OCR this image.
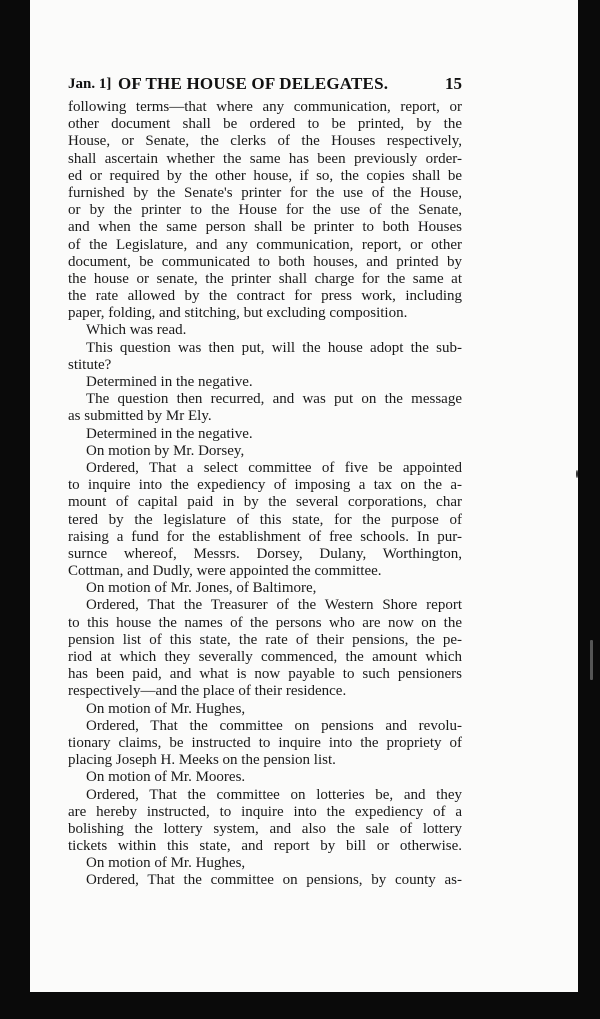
Jan. 1] OF THE HOUSE OF DELEGATES.	15
following terms—that where any communication, report, or
other document shall be ordered to be printed, by the
House, or Senate, the clerks of the Houses respectively,
shall ascertain whether the same has been previously order-
ed or required by the other house, if so, the copies shall be
furnished by the Senate's printer for the use of the House,
or by the printer to the House for the use of the Senate,
and when the same person shall be printer to both Houses
of the Legislature, and any communication, report, or other
document, be communicated to both houses, and printed by
the house or senate, the printer shall charge for the same at
the rate allowed by the contract for press work, including
paper, folding, and stitching, but excluding composition.
Which was read.
This question was then put, will the house adopt the sub-
stitute?
Determined in the negative.
The question then recurred, and was put on the message
as submitted by Mr Ely.
Determined in the negative.
On motion by Mr. Dorsey,
Ordered, That a select committee of five be appointed
to inquire into the expediency of imposing a tax on the a-
mount of capital paid in by the several corporations, char
tered by the legislature of this state, for the purpose of
raising a fund for the establishment of free schools. In pur-
surnce whereof, Messrs. Dorsey, Dulany, Worthington,
Cottman, and Dudly, were appointed the committee.
On motion of Mr. Jones, of Baltimore,
Ordered, That the Treasurer of the Western Shore report
to this house the names of the persons who are now on the
pension list of this state, the rate of their pensions, the pe-
riod at which they severally commenced, the amount which
has been paid, and what is now payable to such pensioners
respectively—and the place of their residence.
On motion of Mr. Hughes,
Ordered, That the committee on pensions and revolu-
tionary claims, be instructed to inquire into the propriety of
placing Joseph H. Meeks on the pension list.
On motion of Mr. Moores.
Ordered, That the committee on lotteries be, and they
are hereby instructed, to inquire into the expediency of a
bolishing the lottery system, and also the sale of lottery
tickets within this state, and report by bill or otherwise.
On motion of Mr. Hughes,
Ordered, That the committee on pensions, by county as-
